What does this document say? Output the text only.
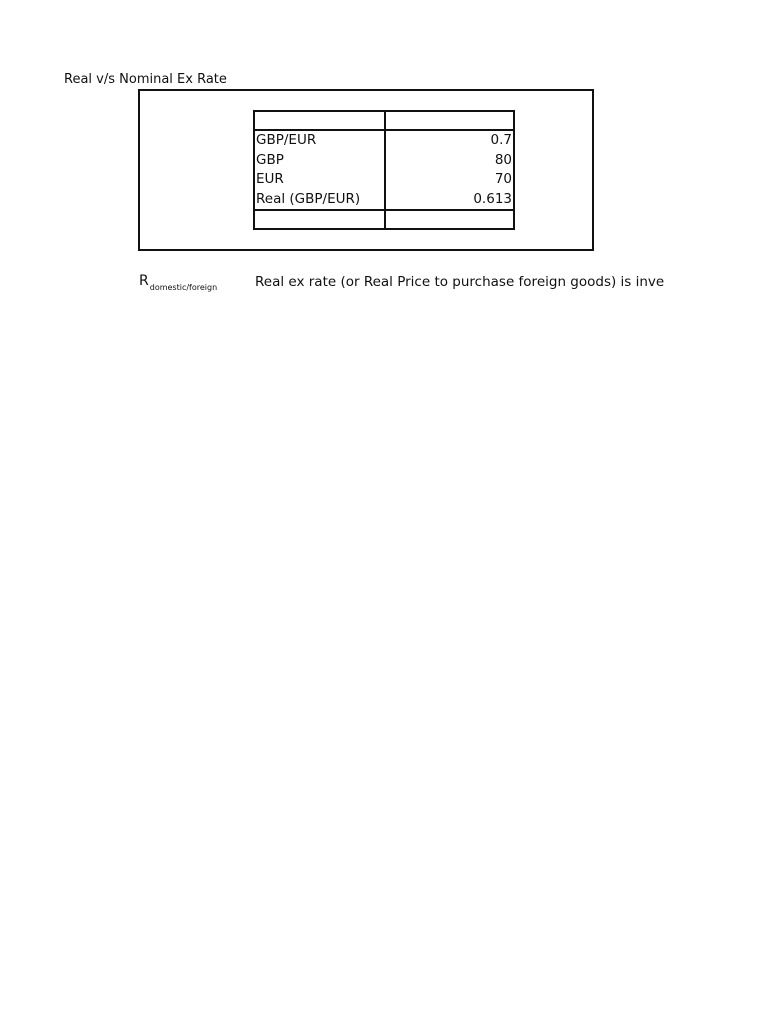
Real v/s Nominal Ex Rate
GBP/EUR	0.7
GBP	80
EUR	70
Real (GBP/EUR)	0.613
$R_{domestic/foreign}$	Real ex rate (or Real Price to purchase foreign goods) is inve
